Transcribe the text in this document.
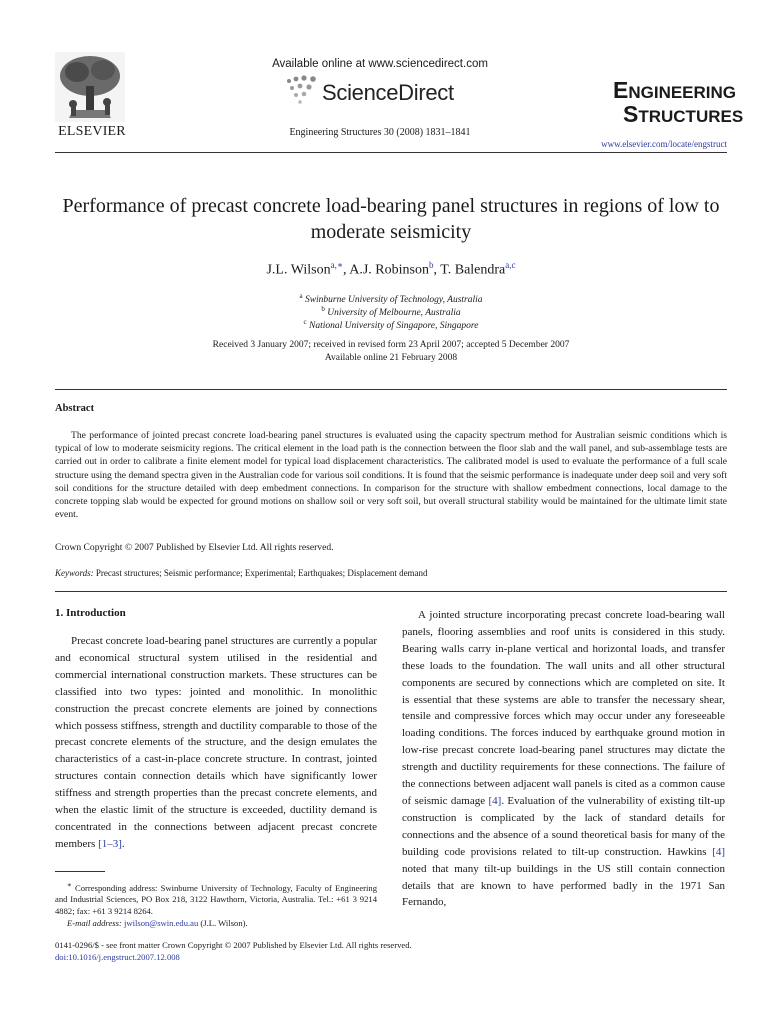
ELSEVIER
Available online at www.sciencedirect.com
ScienceDirect
Engineering Structures 30 (2008) 1831–1841
ENGINEERING
STRUCTURES
www.elsevier.com/locate/engstruct
Performance of precast concrete load-bearing panel structures in regions of low to moderate seismicity
J.L. Wilson$^{a,∗}$, A.J. Robinson$^b$, T. Balendra$^{a,c}$
$^a$ Swinburne University of Technology, Australia
$^b$ University of Melbourne, Australia
$^c$ National University of Singapore, Singapore
Received 3 January 2007; received in revised form 23 April 2007; accepted 5 December 2007
Available online 21 February 2008
Abstract
The performance of jointed precast concrete load-bearing panel structures is evaluated using the capacity spectrum method for Australian seismic conditions which is typical of low to moderate seismicity regions. The critical element in the load path is the connection between the floor slab and the wall panel, and sub-assemblage tests are carried out in order to calibrate a finite element model for typical load displacement characteristics. The calibrated model is used to evaluate the performance of a full scale structure using the demand spectra given in the Australian code for various soil conditions. It is found that the seismic performance is inadequate under deep soil and very soft soil conditions for the structure detailed with deep embedment connections. In comparison for the structure with shallow embedment connections, local damage to the concrete topping slab would be expected for ground motions on shallow soil or very soft soil, but overall structural stability would be maintained for the ultimate limit state event.
Crown Copyright © 2007 Published by Elsevier Ltd. All rights reserved.
Keywords: Precast structures; Seismic performance; Experimental; Earthquakes; Displacement demand
1. Introduction
Precast concrete load-bearing panel structures are currently a popular and economical structural system utilised in the residential and commercial international construction markets. These structures can be classified into two types: jointed and monolithic. In monolithic construction the precast concrete elements are joined by connections which possess stiffness, strength and ductility comparable to those of the precast concrete elements of the structure, and the design emulates the characteristics of a cast-in-place concrete structure. In contrast, jointed structures contain connection details which have significantly lower stiffness and strength properties than the precast concrete elements, and when the elastic limit of the structure is exceeded, ductility demand is concentrated in the connections between adjacent precast concrete members [1–3].
A jointed structure incorporating precast concrete load-bearing wall panels, flooring assemblies and roof units is considered in this study. Bearing walls carry in-plane vertical and horizontal loads, and transfer these loads to the foundation. The wall units and all other structural components are secured by connections which are completed on site. It is essential that these systems are able to transfer the necessary shear, tensile and compressive forces which may occur under any foreseeable loading conditions. The forces induced by earthquake ground motion in low-rise precast concrete load-bearing panel structures may dictate the strength and ductility requirements for these connections. The failure of the connections between adjacent wall panels is cited as a common cause of seismic damage [4]. Evaluation of the vulnerability of existing tilt-up construction is complicated by the lack of standard details for connections and the absence of a sound theoretical basis for many of the building code provisions related to tilt-up construction. Hawkins [4] noted that many tilt-up buildings in the US still contain connection details that are known to have performed badly in the 1971 San Fernando,
∗ Corresponding address: Swinburne University of Technology, Faculty of Engineering and Industrial Sciences, PO Box 218, 3122 Hawthorn, Victoria, Australia. Tel.: +61 3 9214 4882; fax: +61 3 9214 8264.
E-mail address: jwilson@swin.edu.au (J.L. Wilson).
0141-0296/$ - see front matter Crown Copyright © 2007 Published by Elsevier Ltd. All rights reserved.
doi:10.1016/j.engstruct.2007.12.008
